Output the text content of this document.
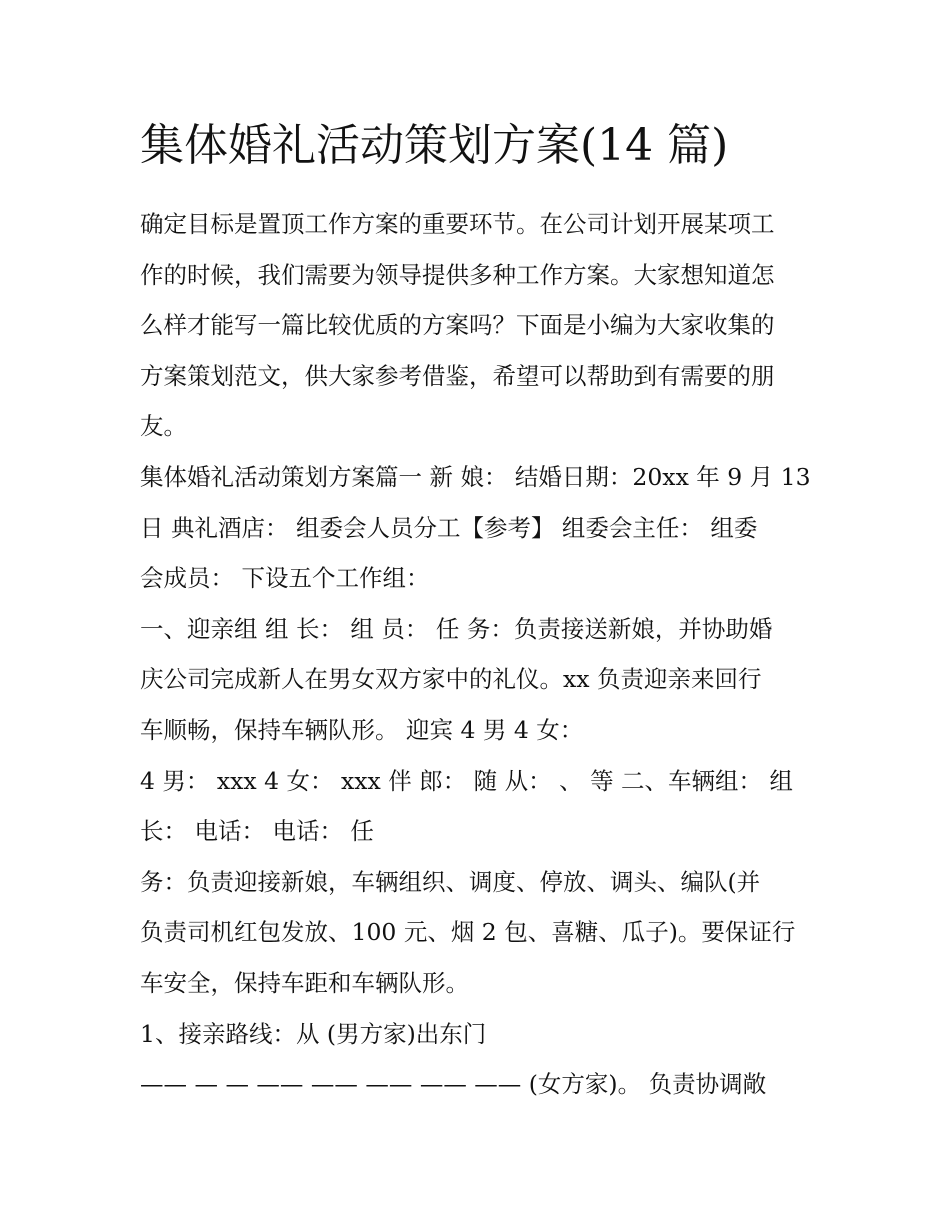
集体婚礼活动策划方案(14 篇)
确定目标是置顶工作方案的重要环节。在公司计划开展某项工
作的时候，我们需要为领导提供多种工作方案。大家想知道怎
么样才能写一篇比较优质的方案吗？下面是小编为大家收集的
方案策划范文，供大家参考借鉴，希望可以帮助到有需要的朋
友。
集体婚礼活动策划方案篇一 新 娘： 结婚日期：20xx 年 9 月 13
日 典礼酒店： 组委会人员分工【参考】 组委会主任： 组委
会成员： 下设五个工作组：
一、迎亲组 组 长： 组 员： 任 务：负责接送新娘，并协助婚
庆公司完成新人在男女双方家中的礼仪。xx 负责迎亲来回行
车顺畅，保持车辆队形。 迎宾 4 男 4 女：
4 男： xxx 4 女： xxx 伴 郎： 随 从： 、 等 二、车辆组： 组
长： 电话： 电话： 任
务：负责迎接新娘，车辆组织、调度、停放、调头、编队(并
负责司机红包发放、100 元、烟 2 包、喜糖、瓜子)。要保证行
车安全，保持车距和车辆队形。
1、接亲路线：从 (男方家)出东门
—— — — —— —— —— —— —— (女方家)。 负责协调敞
